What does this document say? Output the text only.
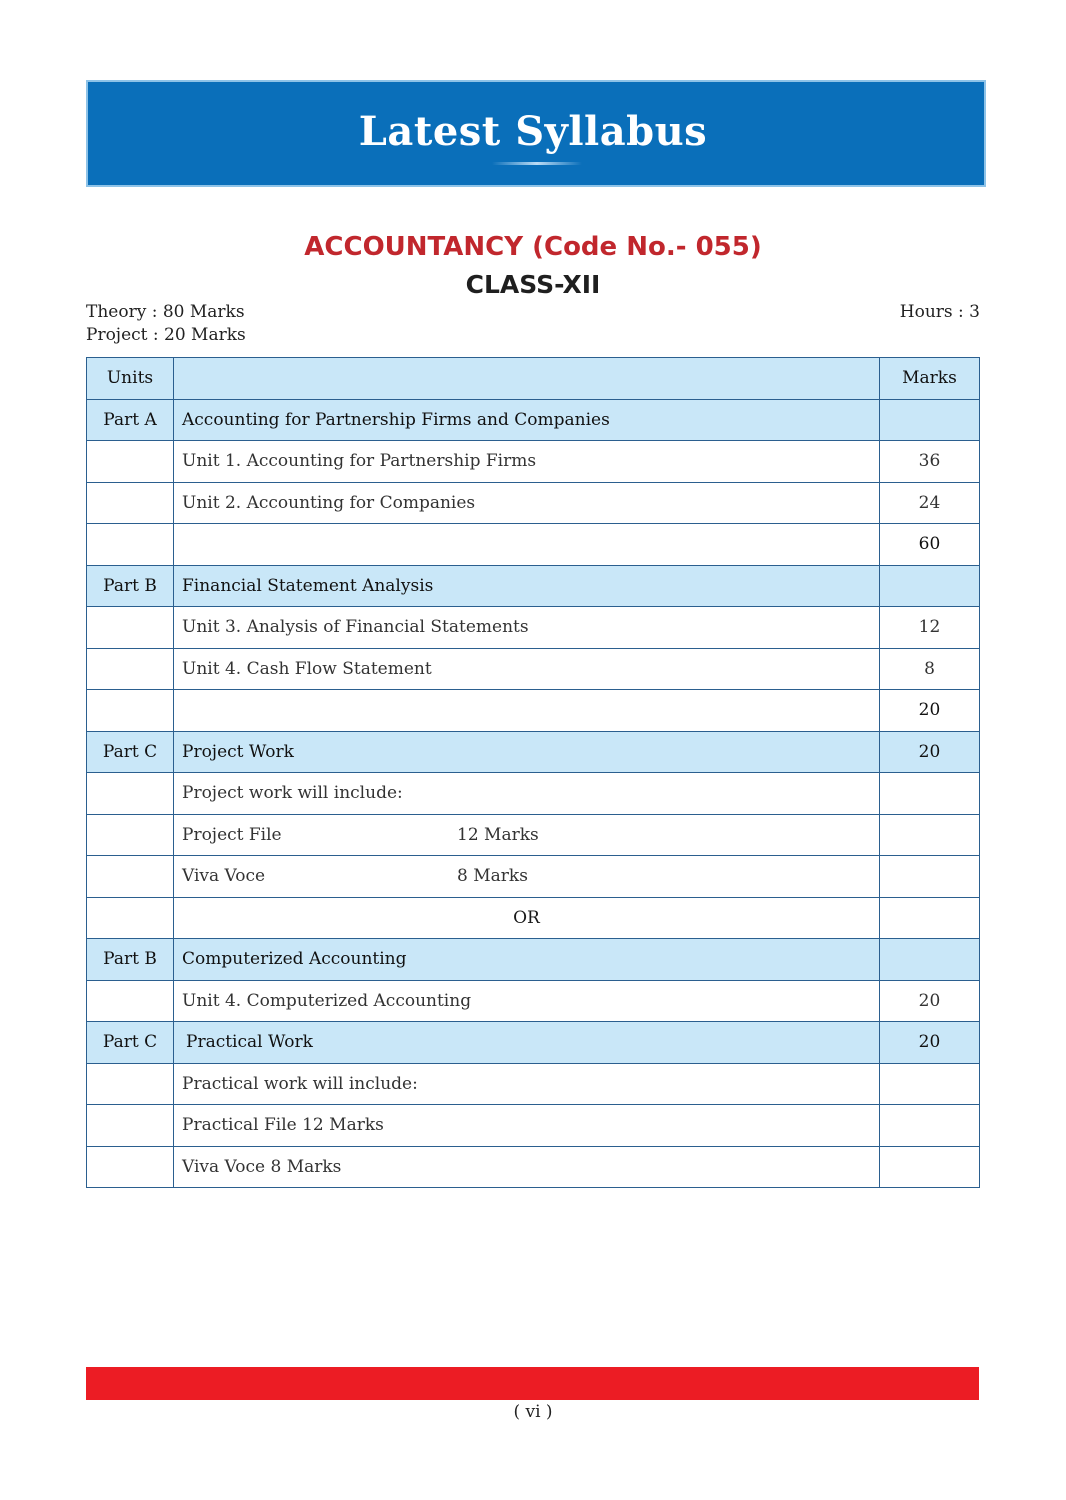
Latest Syllabus
ACCOUNTANCY (Code No.- 055)
CLASS-XII
Theory : 80 Marks
Project : 20 Marks
Hours : 3
Units		Marks
Part A	Accounting for Partnership Firms and Companies	
	Unit 1. Accounting for Partnership Firms	36
	Unit 2. Accounting for Companies	24
		60
Part B	Financial Statement Analysis	
	Unit 3. Analysis of Financial Statements	12
	Unit 4. Cash Flow Statement	8
		20
Part C	Project Work	20
	Project work will include:	
	Project File 12 Marks	
	Viva Voce 8 Marks	
	OR	
Part B	Computerized Accounting	
	Unit 4. Computerized Accounting	20
Part C	Practical Work	20
	Practical work will include:	
	Practical File 12 Marks	
	Viva Voce 8 Marks	
( vi )
